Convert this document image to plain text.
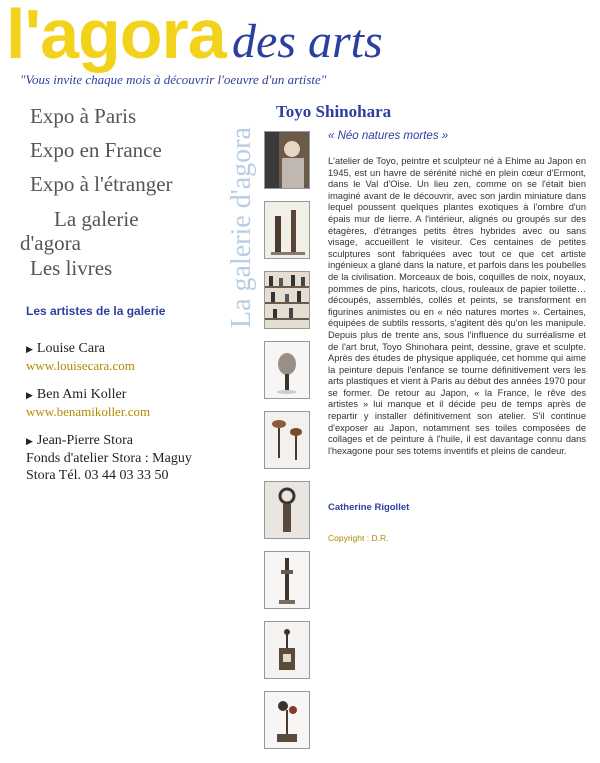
l'agora des arts
"Vous invite chaque mois à découvrir l'oeuvre d'un artiste"
Expo à Paris
Expo en France
Expo à l'étranger
La galerie
d'agora
Les livres	La galerie d'agora
Les artistes de la galerie
▶ Louise Cara
www.louisecara.com
▶ Ben Ami Koller
www.benamikoller.com
▶ Jean-Pierre Stora
Fonds d'atelier Stora : Maguy
Stora Tél. 03 44 03 33 50
Toyo Shinohara
« Néo natures mortes »
L'atelier de Toyo, peintre et sculpteur né à Ehime au Japon en 1945, est un havre de sérénité niché en plein cœur d'Ermont, dans le Val d'Oise. Un lieu zen, comme on se l'était bien imaginé avant de le découvrir, avec son jardin miniature dans lequel poussent quelques plantes exotiques à l'ombre d'un épais mur de lierre. A l'intérieur, alignés ou groupés sur des étagères, d'étranges petits êtres hybrides avec ou sans visage, accueillent le visiteur. Ces centaines de petites sculptures sont fabriquées avec tout ce que cet artiste ingénieux a glané dans la nature, et parfois dans les poubelles de la civilisation. Morceaux de bois, coquilles de noix, noyaux, pommes de pins, haricots, clous, rouleaux de papier toilette…découpés, assemblés, collés et peints, se transforment en figurines animistes ou en « néo natures mortes ». Certaines, équipées de subtils ressorts, s'agitent dès qu'on les manipule. Depuis plus de trente ans, sous l'influence du surréalisme et de l'art brut, Toyo Shinohara peint, dessine, grave et sculpte. Après des études de physique appliquée, cet homme qui aime la peinture depuis l'enfance se tourne définitivement vers les arts plastiques et vient à Paris au début des années 1970 pour se former. De retour au Japon, « la France, le rêve des artistes » lui manque et il décide peu de temps après de repartir y installer définitivement son atelier. S'il continue d'exposer au Japon, notamment ses toiles composées de collages et de peinture à l'huile, il est davantage connu dans l'hexagone pour ses totems inventifs et pleins de candeur.
Catherine Rigollet
Copyright : D.R.
